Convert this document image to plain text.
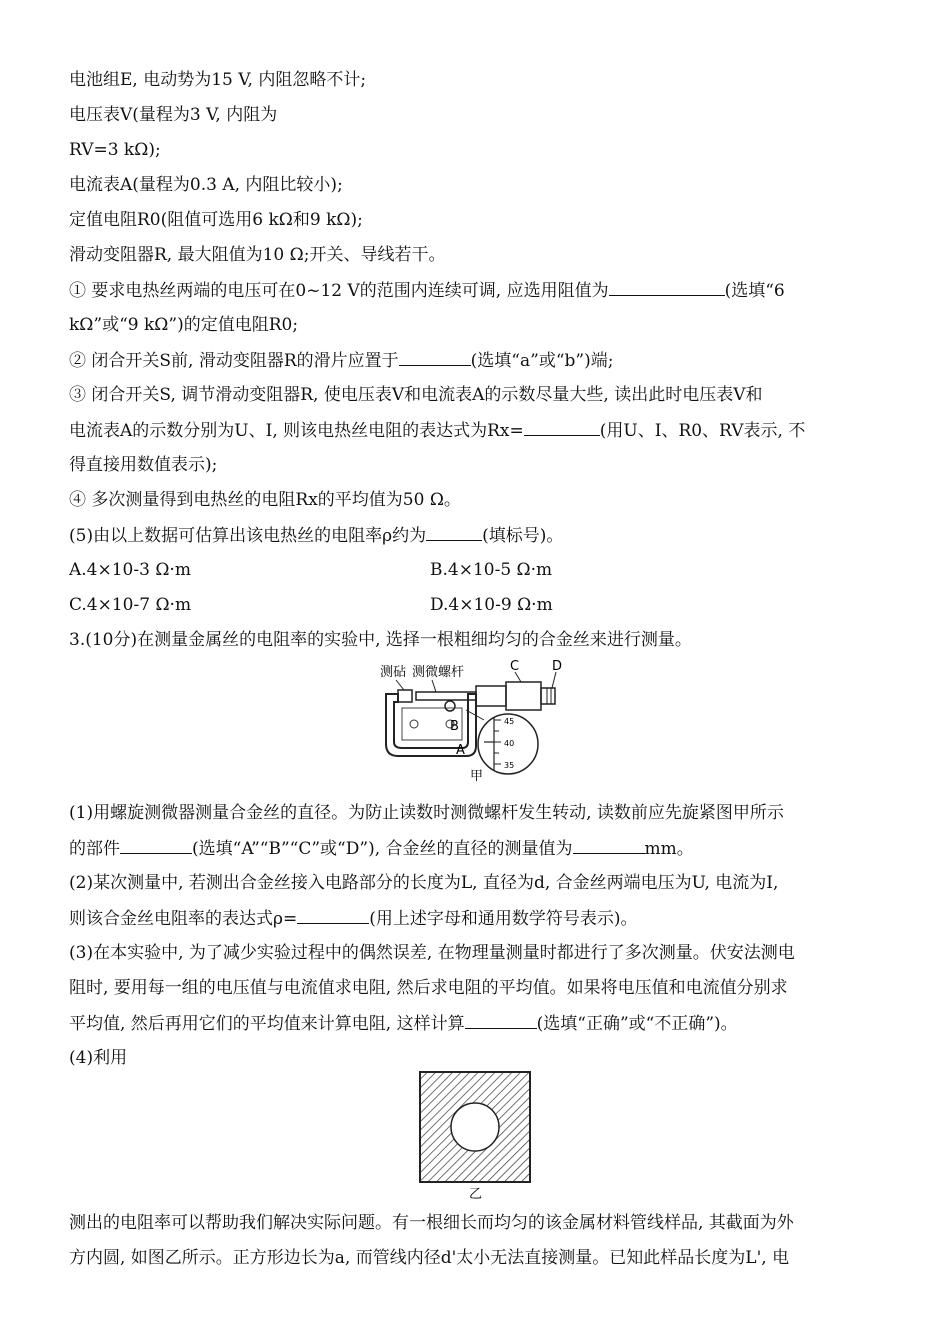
电池组E, 电动势为15 V, 内阻忽略不计;
电压表V(量程为3 V, 内阻为
RV=3 kΩ);
电流表A(量程为0.3 A, 内阻比较小);
定值电阻R0(阻值可选用6 kΩ和9 kΩ);
滑动变阻器R, 最大阻值为10 Ω;开关、导线若干。
① 要求电热丝两端的电压可在0~12 V的范围内连续可调, 应选用阻值为	(选填“6
kΩ”或“9 kΩ”)的定值电阻R0;
② 闭合开关S前, 滑动变阻器R的滑片应置于	(选填“a”或“b”)端;
③ 闭合开关S, 调节滑动变阻器R, 使电压表V和电流表A的示数尽量大些, 读出此时电压表V和
电流表A的示数分别为U、I, 则该电热丝电阻的表达式为Rx=	(用U、I、R0、RV表示, 不
得直接用数值表示);
④ 多次测量得到电热丝的电阻Rx的平均值为50 Ω。
(5)由以上数据可估算出该电热丝的电阻率ρ约为	(填标号)。
A.4×10-3 Ω·m	B.4×10-5 Ω·m
C.4×10-7 Ω·m	D.4×10-9 Ω·m
3.(10分)在测量金属丝的电阻率的实验中, 选择一根粗细均匀的合金丝来进行测量。
(1)用螺旋测微器测量合金丝的直径。为防止读数时测微螺杆发生转动, 读数前应先旋紧图甲所示
的部件	(选填“A”“B”“C”或“D”), 合金丝的直径的测量值为	mm。
(2)某次测量中, 若测出合金丝接入电路部分的长度为L, 直径为d, 合金丝两端电压为U, 电流为I,
则该合金丝电阻率的表达式ρ=	(用上述字母和通用数学符号表示)。
(3)在本实验中, 为了减少实验过程中的偶然误差, 在物理量测量时都进行了多次测量。伏安法测电
阻时, 要用每一组的电压值与电流值求电阻, 然后求电阻的平均值。如果将电压值和电流值分别求
平均值, 然后再用它们的平均值来计算电阻, 这样计算	(选填“正确”或“不正确”)。
(4)利用
测出的电阻率可以帮助我们解决实际问题。有一根细长而均匀的该金属材料管线样品, 其截面为外
方内圆, 如图乙所示。正方形边长为a, 而管线内径d'太小无法直接测量。已知此样品长度为L', 电
测砧 测微螺杆	C	D
B
A
45
40
35
甲
乙
